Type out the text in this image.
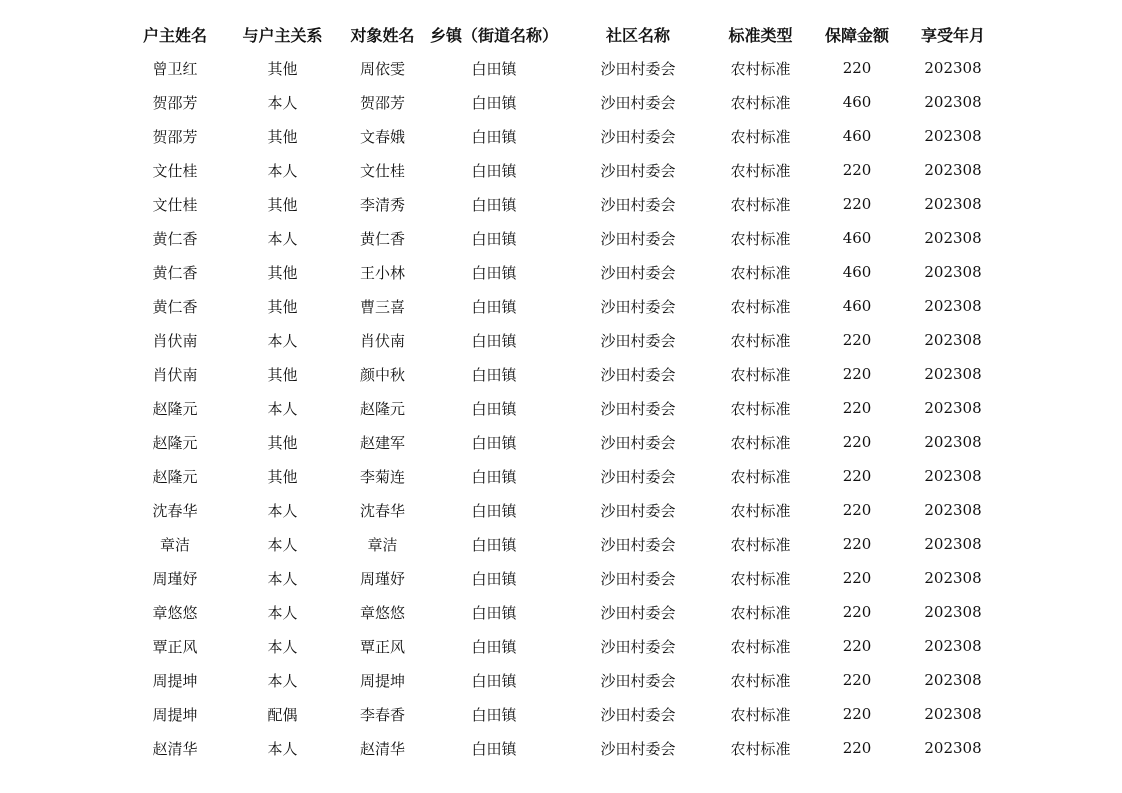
户主姓名	与户主关系	对象姓名	乡镇（街道名称）	社区名称	标准类型	保障金额	享受年月
曾卫红	其他	周依雯	白田镇	沙田村委会	农村标准	220	202308
贺邵芳	本人	贺邵芳	白田镇	沙田村委会	农村标准	460	202308
贺邵芳	其他	文春娥	白田镇	沙田村委会	农村标准	460	202308
文仕桂	本人	文仕桂	白田镇	沙田村委会	农村标准	220	202308
文仕桂	其他	李清秀	白田镇	沙田村委会	农村标准	220	202308
黄仁香	本人	黄仁香	白田镇	沙田村委会	农村标准	460	202308
黄仁香	其他	王小林	白田镇	沙田村委会	农村标准	460	202308
黄仁香	其他	曹三喜	白田镇	沙田村委会	农村标准	460	202308
肖伏南	本人	肖伏南	白田镇	沙田村委会	农村标准	220	202308
肖伏南	其他	颜中秋	白田镇	沙田村委会	农村标准	220	202308
赵隆元	本人	赵隆元	白田镇	沙田村委会	农村标准	220	202308
赵隆元	其他	赵建军	白田镇	沙田村委会	农村标准	220	202308
赵隆元	其他	李菊连	白田镇	沙田村委会	农村标准	220	202308
沈春华	本人	沈春华	白田镇	沙田村委会	农村标准	220	202308
章洁	本人	章洁	白田镇	沙田村委会	农村标准	220	202308
周瑾妤	本人	周瑾妤	白田镇	沙田村委会	农村标准	220	202308
章悠悠	本人	章悠悠	白田镇	沙田村委会	农村标准	220	202308
覃正风	本人	覃正风	白田镇	沙田村委会	农村标准	220	202308
周提坤	本人	周提坤	白田镇	沙田村委会	农村标准	220	202308
周提坤	配偶	李春香	白田镇	沙田村委会	农村标准	220	202308
赵清华	本人	赵清华	白田镇	沙田村委会	农村标准	220	202308
